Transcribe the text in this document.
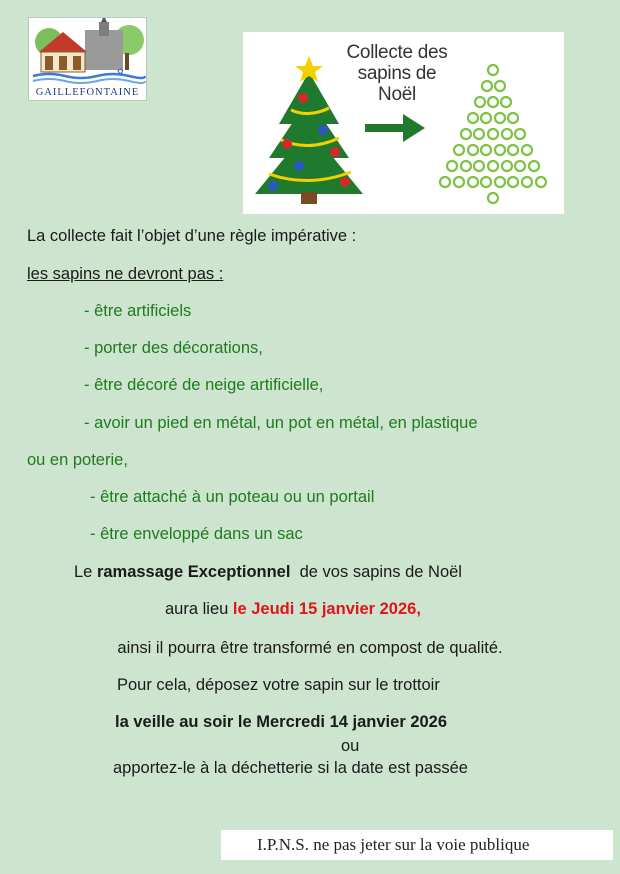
✿
GAILLEFONTAINE
Collecte des
sapins de
Noël
La collecte fait l’objet d’une règle impérative :
les sapins ne devront pas :
- être artificiels
- porter des décorations,
- être décoré de neige artificielle,
- avoir un pied en métal, un pot en métal, en plastique
ou en poterie,
- être attaché à un poteau ou un portail
- être enveloppé dans un sac
Le ramassage Exceptionnel  de vos sapins de Noël
aura lieu le Jeudi 15 janvier 2026,
ainsi il pourra être transformé en compost de qualité.
Pour cela, déposez votre sapin sur le trottoir
la veille au soir le Mercredi 14 janvier 2026
ou
apportez-le à la déchetterie si la date est passée
I.P.N.S. ne pas jeter sur la voie publique
